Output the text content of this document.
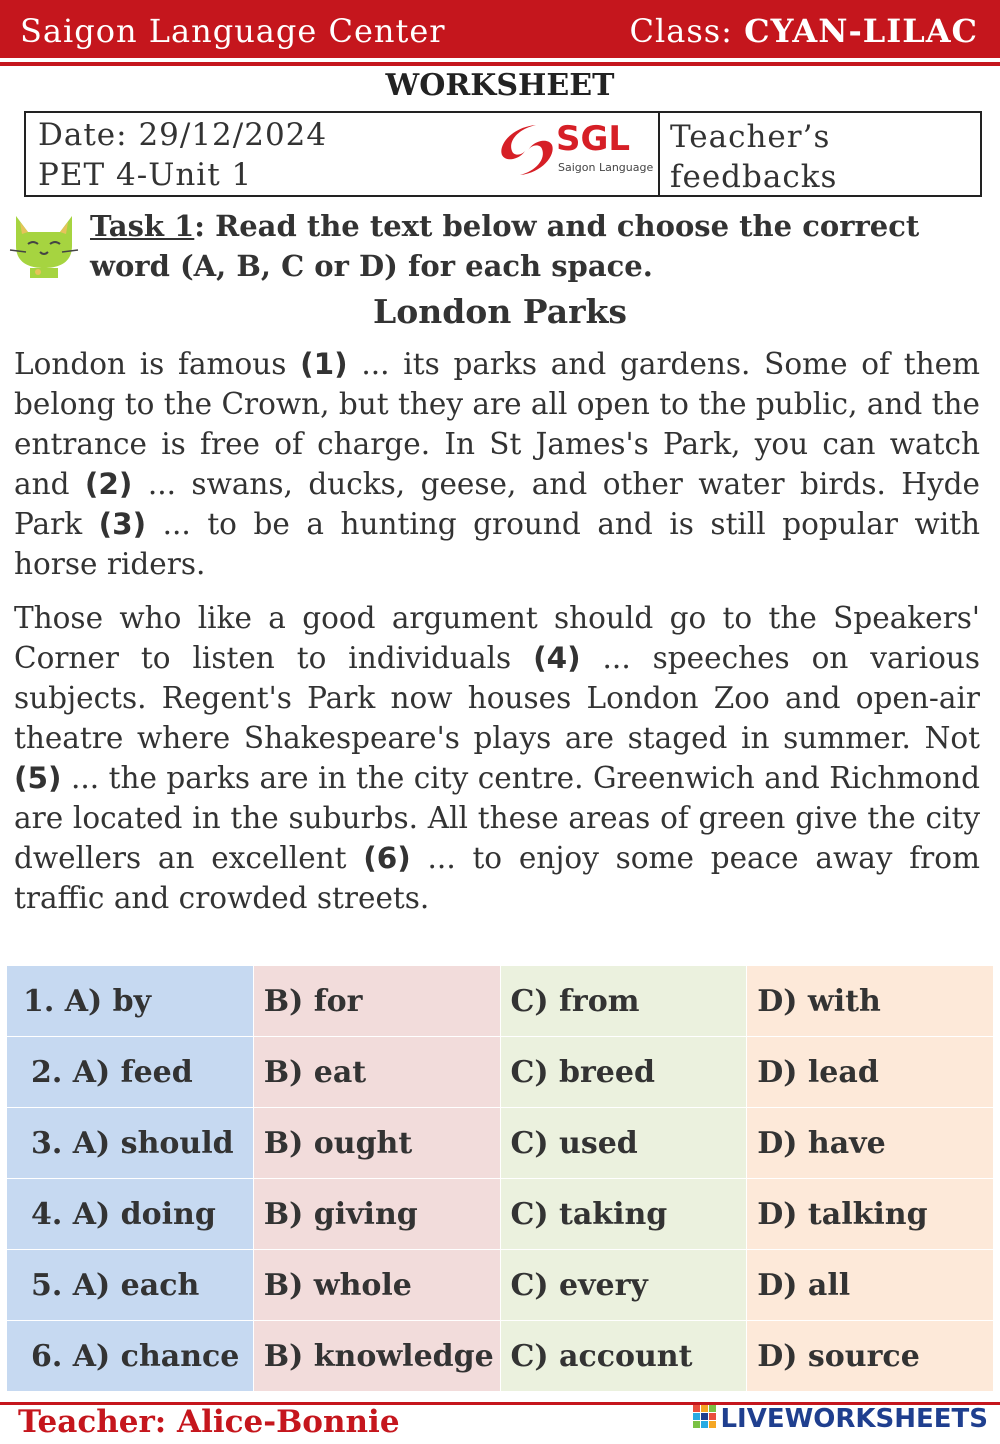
Saigon Language Center	Class: CYAN-LILAC
WORKSHEET
Date: 29/12/2024
PET 4-Unit 1
SGL
Saigon Language
Teacher’s
feedbacks
Task 1: Read the text below and choose the correct word (A, B, C or D) for each space.
London Parks
London is famous (1) ... its parks and gardens. Some of them belong to the Crown, but they are all open to the public, and the entrance is free of charge. In St James's Park, you can watch and (2) ... swans, ducks, geese, and other water birds. Hyde Park (3) ... to be a hunting ground and is still popular with horse riders.
Those who like a good argument should go to the Speakers' Corner to listen to individuals (4) ... speeches on various subjects. Regent's Park now houses London Zoo and open-air theatre where Shakespeare's plays are staged in summer. Not (5) ... the parks are in the city centre. Greenwich and Richmond are located in the suburbs. All these areas of green give the city dwellers an excellent (6) ... to enjoy some peace away from traffic and crowded streets.
1. A) by	B) for	C) from	D) with
2. A) feed	B) eat	C) breed	D) lead
3. A) should	B) ought	C) used	D) have
4. A) doing	B) giving	C) taking	D) talking
5. A) each	B) whole	C) every	D) all
6. A) chance	B) knowledge	C) account	D) source
Teacher: Alice-Bonnie	LIVEWORKSHEETS
